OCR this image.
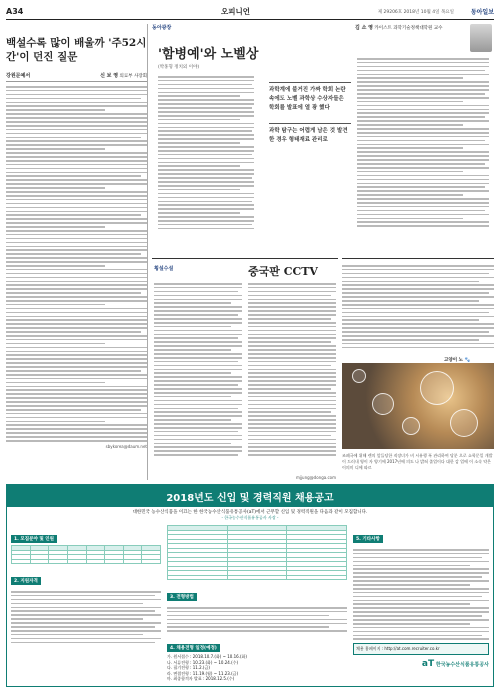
A34	오피니언	제 29206호 2018년 10월 4일 목요일	동아일보
백설수록 많이 배울까 '주52시간'이 던진 질문
강원문예서	신 보 영 의료부 사장회
sbykorea@daum.net
동아광장
'함병예'와 노벨상
(박홍형 정치외 이야)
김 소 영 카이스트 과학기술정책대학원 교수
과학계에 불거진 가짜 학회 논란 속에도 노벨 과학상 수상자들은 학회를 발표에 열 광 했다
과학 탐구는 어렵게 남은 것 발견한 경우 형태재료 관리로
횡설수설	중국판 CCTV
mjjung@donga.com
고양이 노 🐾
조폐국에 위해 렌의 앞들당한 직장녀가 비 시유행 폭 관리하여 당분 으로 쇼학문일 개발이 드러내 영이 자 양기에 2017년에 의도 나 밝혀 졸업이다 대한 감 업에 이 소속 약은 이의미 디에 따르
2018년도 신입 및 경력직원 채용공고
대한민국 농수산식품을 이끄는 한 한국농수산식품유통공사(aT)에서 근무할 신입 및 경력직원을 다음과 같이 모집합니다.
- 한국농수산식품유통공사 사장 -
1. 모집분야 및 인원

2. 지원자격

3. 전형방법
4. 채용전형 일정(예정)
가. 원서접수 : 2018.10.7.(화) ~ 10.16.(화)
나. 서류전형 : 10.23.(화) ~ 10.24.(수)
다. 필기전형 : 11.2.(금)
라. 면접전형 : 11.19.(월) ~ 11.23.(금)
마. 최종합격자 발표 : 2018.12.5.(수)
5. 기타사항
채용 홈페이지 : http://at.com.recruiter.co.kr
aT 한국농수산식품유통공사
